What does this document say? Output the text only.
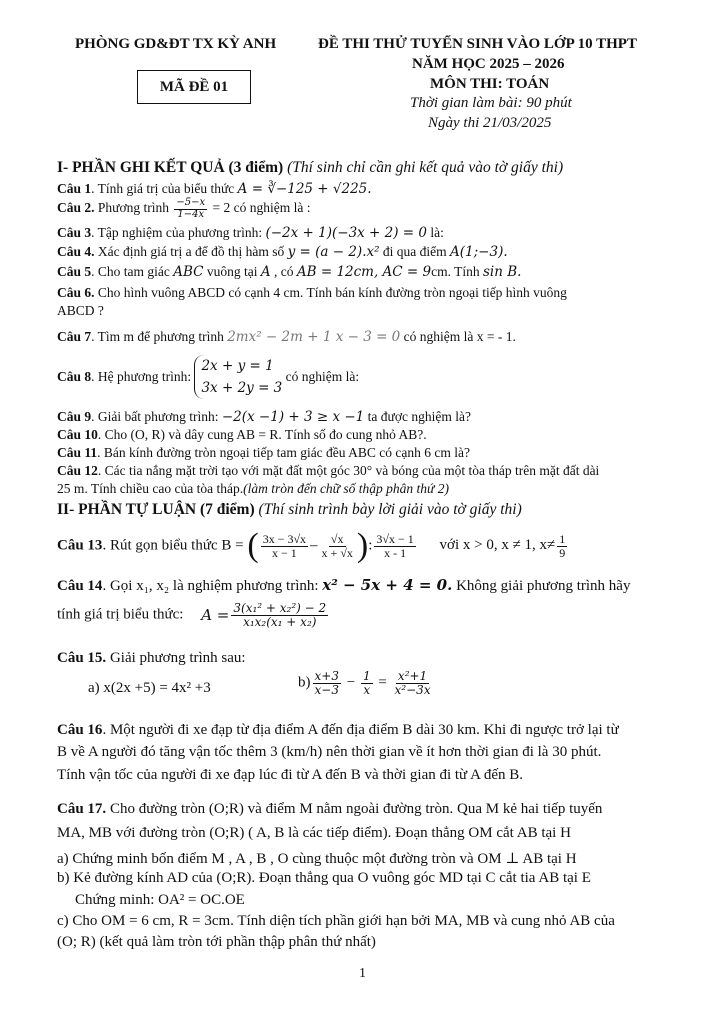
PHÒNG GD&ĐT TX KỲ ANH	ĐỀ THI THỬ TUYỂN SINH VÀO LỚP 10 THPT
NĂM HỌC 2025 – 2026
MÃ ĐỀ 01	MÔN THI: TOÁN
Thời gian làm bài: 90 phút
Ngày thi 21/03/2025
I- PHẦN GHI KẾT QUẢ (3 điểm) (Thí sinh chỉ cần ghi kết quả vào tờ giấy thi)
Câu 1. Tính giá trị của biểu thức A = ∛−125 + √225.
Câu 2. Phương trình $\frac{-5-x}{1-4x} = 2$ có nghiệm là :
Câu 3. Tập nghiệm của phương trình: (−2x + 1)(−3x + 2) = 0 là:
Câu 4. Xác định giá trị a để đồ thị hàm số y = (a − 2).x² đi qua điểm A(1;−3).
Câu 5. Cho tam giác ABC vuông tại A , có AB = 12cm, AC = 9cm. Tính sin B.
Câu 6. Cho hình vuông ABCD có cạnh 4 cm. Tính bán kính đường tròn ngoại tiếp hình vuông
ABCD ?
Câu 7. Tìm m để phương trình 2mx² − 2m + 1 x − 3 = 0 có nghiệm là x = - 1.
Câu 8. Hệ phương trình:
2x + y = 1
3x + 2y = 3
có nghiệm là:
Câu 9. Giải bất phương trình: −2(x −1) + 3 ≥ x −1 ta được nghiệm là?
Câu 10. Cho (O, R) và dây cung AB = R. Tính số đo cung nhỏ AB?.
Câu 11. Bán kính đường tròn ngoại tiếp tam giác đều ABC có cạnh 6 cm là?
Câu 12. Các tia nắng mặt trời tạo với mặt đất một góc 30° và bóng của một tòa tháp trên mặt đất dài
25 m. Tính chiều cao của tòa tháp.(làm tròn đến chữ số thập phân thứ 2)
II- PHẦN TỰ LUẬN (7 điểm) (Thí sinh trình bày lời giải vào tờ giấy thi)
Câu 13. Rút gọn biểu thức B = ( $\frac{3x - 3√x}{x - 1} - \frac{√x}{x + √x}$ ): $\frac{3√x - 1}{x - 1}$ với x > 0, x ≠ 1, $x\ne \frac{1}{9}$
Câu 14. Gọi x₁, x₂ là nghiệm phương trình: x² − 5x + 4 = 0. Không giải phương trình hãy
tính giá trị biểu thức: $A = \frac{\text{3(x₁² + x₂²) − 2}}{\text{x₁x₂(x₁ + x₂)}}$
Câu 15. Giải phương trình sau:
a) x(2x +5) = 4x² +3	$b) \frac{x+3}{x-3} - \frac{1}{x} = \frac{\text{x²+1}}{\text{x²−3x}}$
Câu 16. Một người đi xe đạp từ địa điểm A đến địa điểm B dài 30 km. Khi đi ngược trở lại từ
B về A người đó tăng vận tốc thêm 3 (km/h) nên thời gian về ít hơn thời gian đi là 30 phút.
Tính vận tốc của người đi xe đạp lúc đi từ A đến B và thời gian đi từ A đến B.
Câu 17. Cho đường tròn (O;R) và điểm M nằm ngoài đường tròn. Qua M kẻ hai tiếp tuyến
MA, MB với đường tròn (O;R) ( A, B là các tiếp điểm). Đoạn thẳng OM cắt AB tại H
a) Chứng minh bốn điểm M , A , B , O cùng thuộc một đường tròn và OM ⊥ AB tại H
b) Kẻ đường kính AD của (O;R). Đoạn thẳng qua O vuông góc MD tại C cắt tia AB tại E
Chứng minh: OA² = OC.OE
c) Cho OM = 6 cm, R = 3cm. Tính diện tích phần giới hạn bởi MA, MB và cung nhỏ AB của
(O; R) (kết quả làm tròn tới phần thập phân thứ nhất)
1
